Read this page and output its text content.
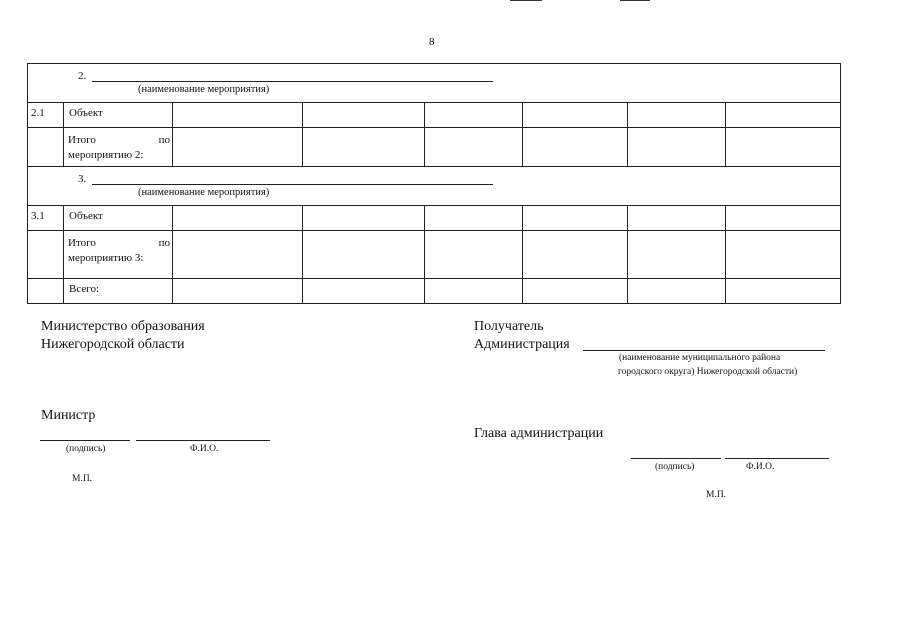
8
2.
(наименование мероприятия)							

2.1	Объект						

	Итого по
мероприятию 2:						

3.
(наименование мероприятия)							

3.1	Объект						

	Итого по
мероприятию 3:						

	Всего:						
Министерство образования
Нижегородской области
Министр
(подпись)	Ф.И.О.
М.П.
Получатель
Администрация
(наименование муниципального района
городского округа) Нижегородской области)
Глава администрации
(подпись)	Ф.И.О.
М.П.
